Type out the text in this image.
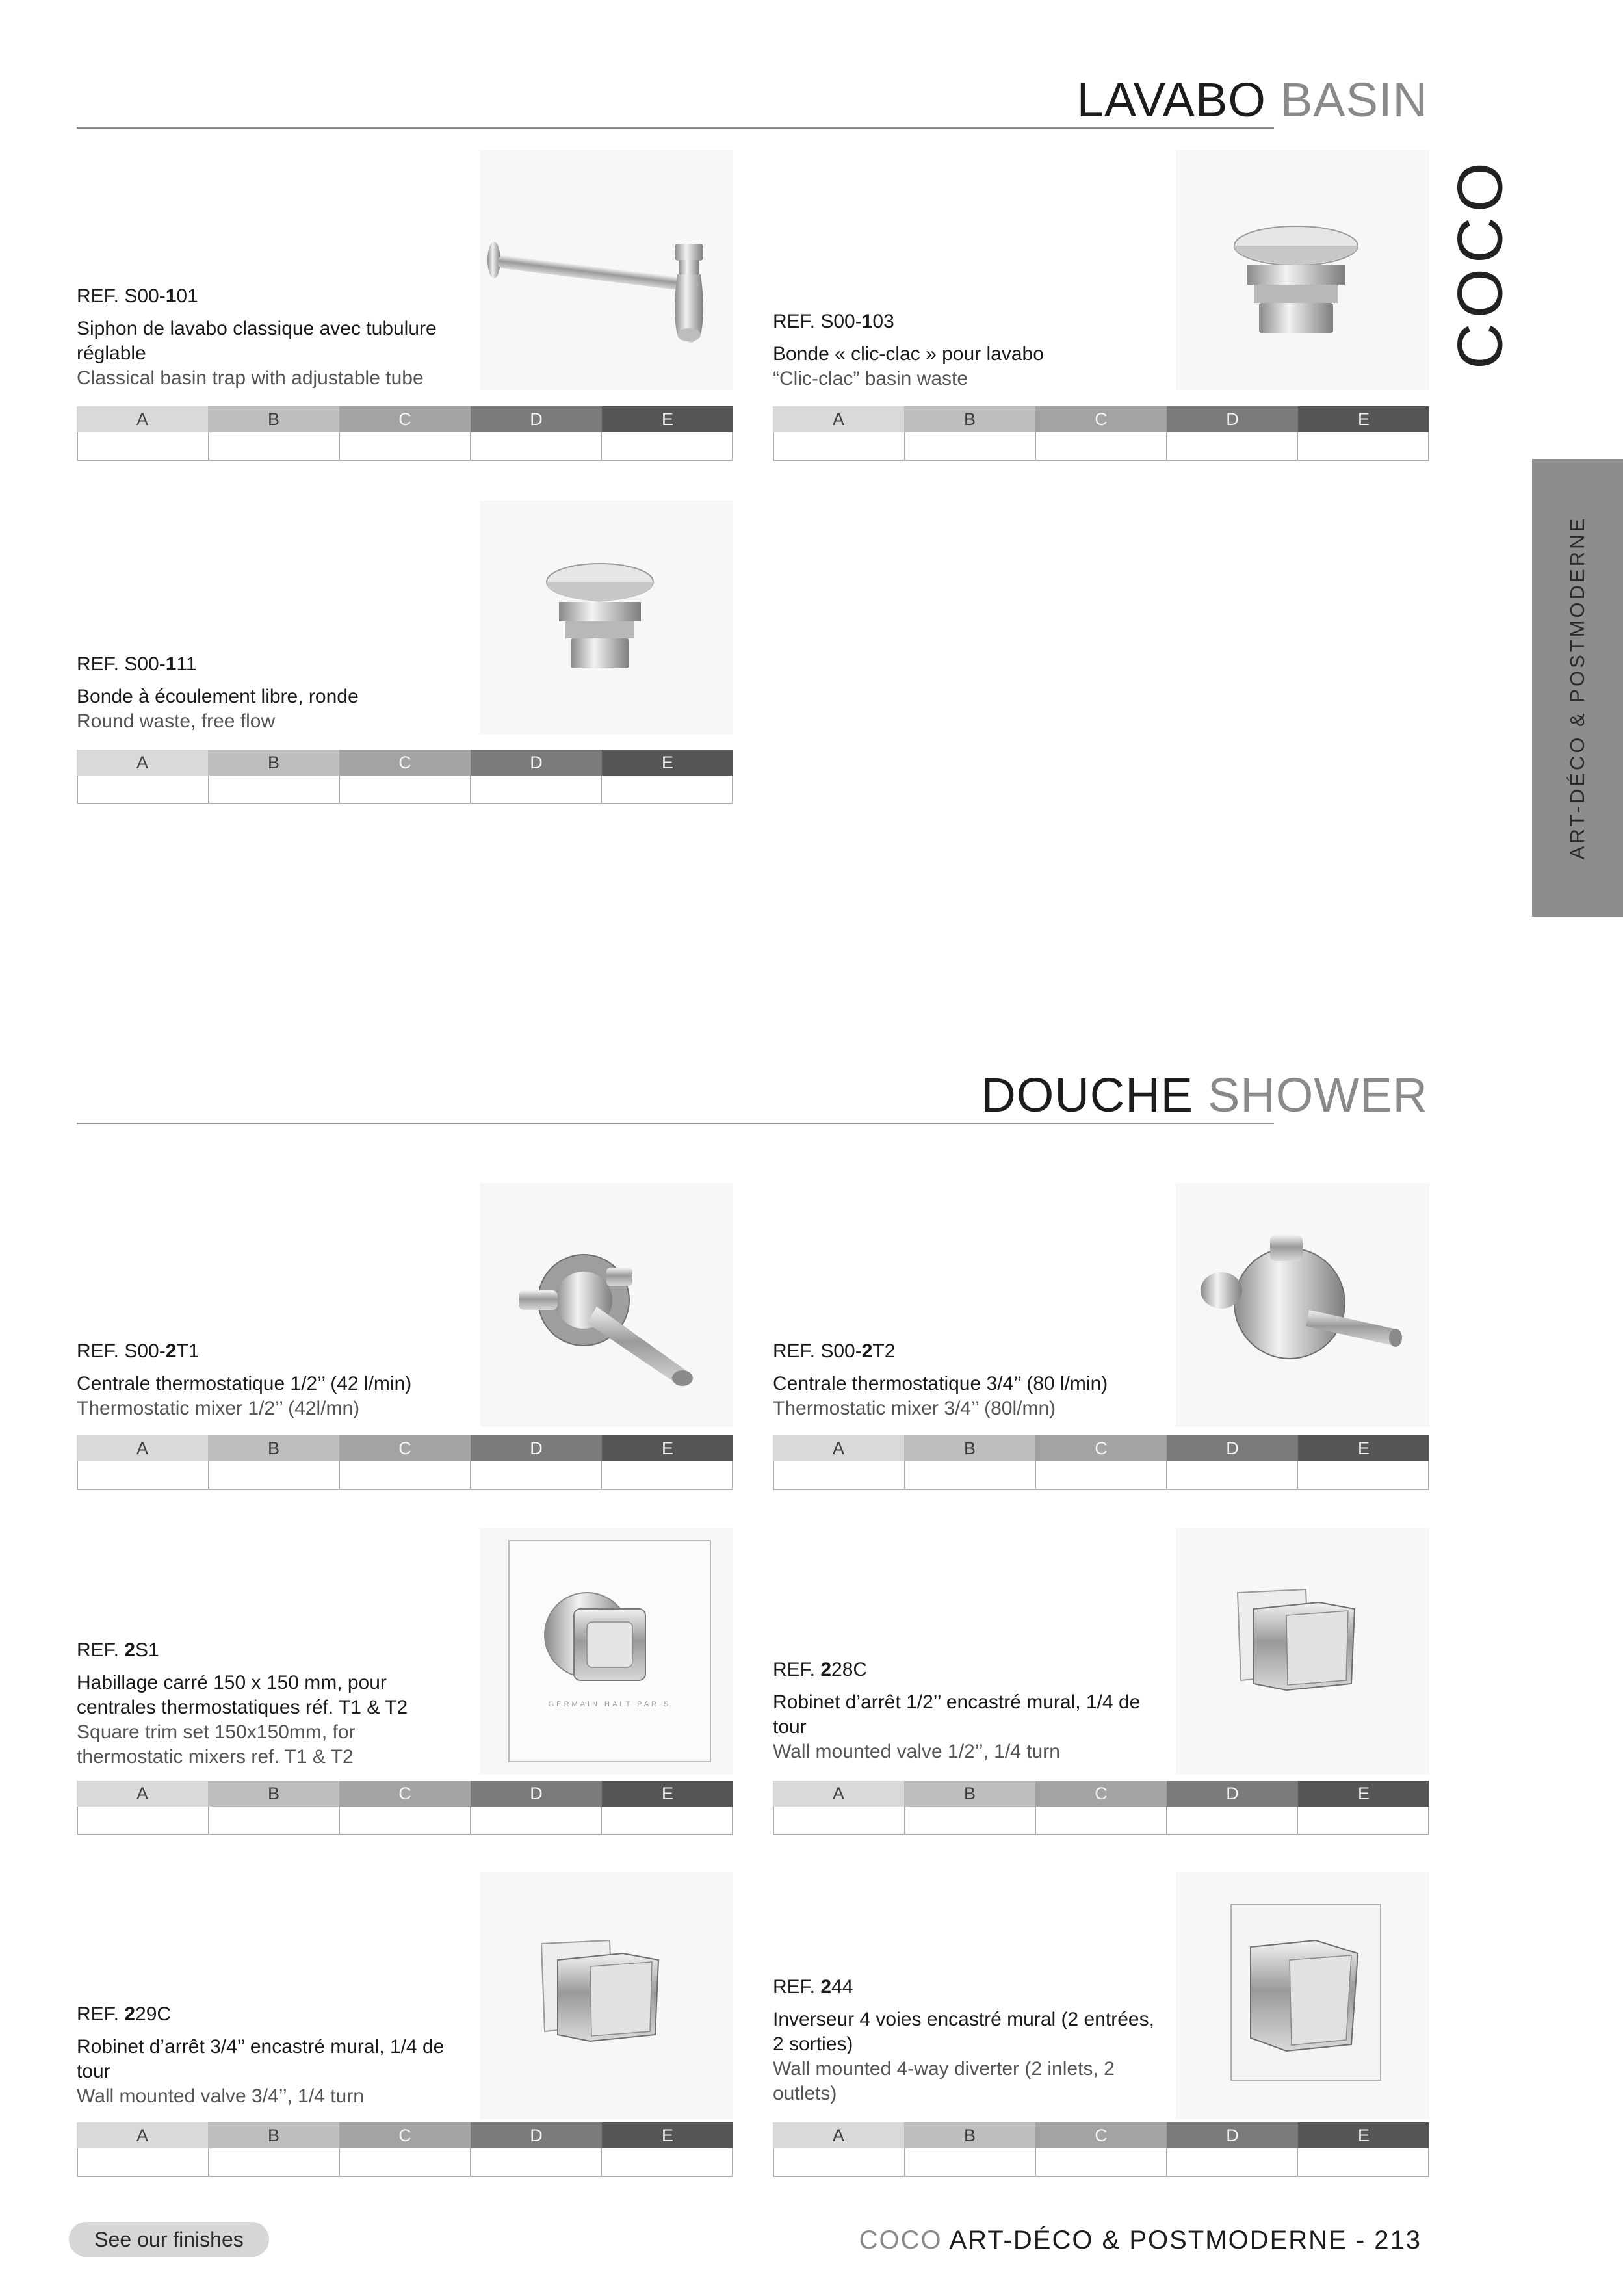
LAVABO BASIN
COCO
ART-DÉCO & POSTMODERNE
REF. S00-101
Siphon de lavabo classique avec tubulure réglable
Classical basin trap with adjustable tube
A	B	C	D	E
REF. S00-103
Bonde « clic-clac » pour lavabo
“Clic-clac” basin waste
A	B	C	D	E
REF. S00-111
Bonde à écoulement libre, ronde
Round waste, free flow
A	B	C	D	E
DOUCHE SHOWER
REF. S00-2T1
Centrale thermostatique 1/2’’ (42 l/min)
Thermostatic mixer 1/2’’ (42l/mn)
A	B	C	D	E
REF. S00-2T2
Centrale thermostatique 3/4’’ (80 l/min)
Thermostatic mixer 3/4’’ (80l/mn)
A	B	C	D	E
GERMAIN HALT PARIS
REF. 2S1
Habillage carré 150 x 150 mm, pour centrales thermostatiques réf. T1 & T2
Square trim set 150x150mm, for thermostatic mixers ref. T1 & T2
A	B	C	D	E
REF. 228C
Robinet d’arrêt 1/2’’ encastré mural, 1/4 de tour
Wall mounted valve 1/2’’, 1/4 turn
A	B	C	D	E
REF. 229C
Robinet d’arrêt 3/4’’ encastré mural, 1/4 de tour
Wall mounted valve 3/4’’, 1/4 turn
A	B	C	D	E
REF. 244
Inverseur 4 voies encastré mural (2 entrées, 2 sorties)
Wall mounted 4-way diverter (2 inlets, 2 outlets)
A	B	C	D	E
See our finishes	COCO ART-DÉCO & POSTMODERNE - 213
